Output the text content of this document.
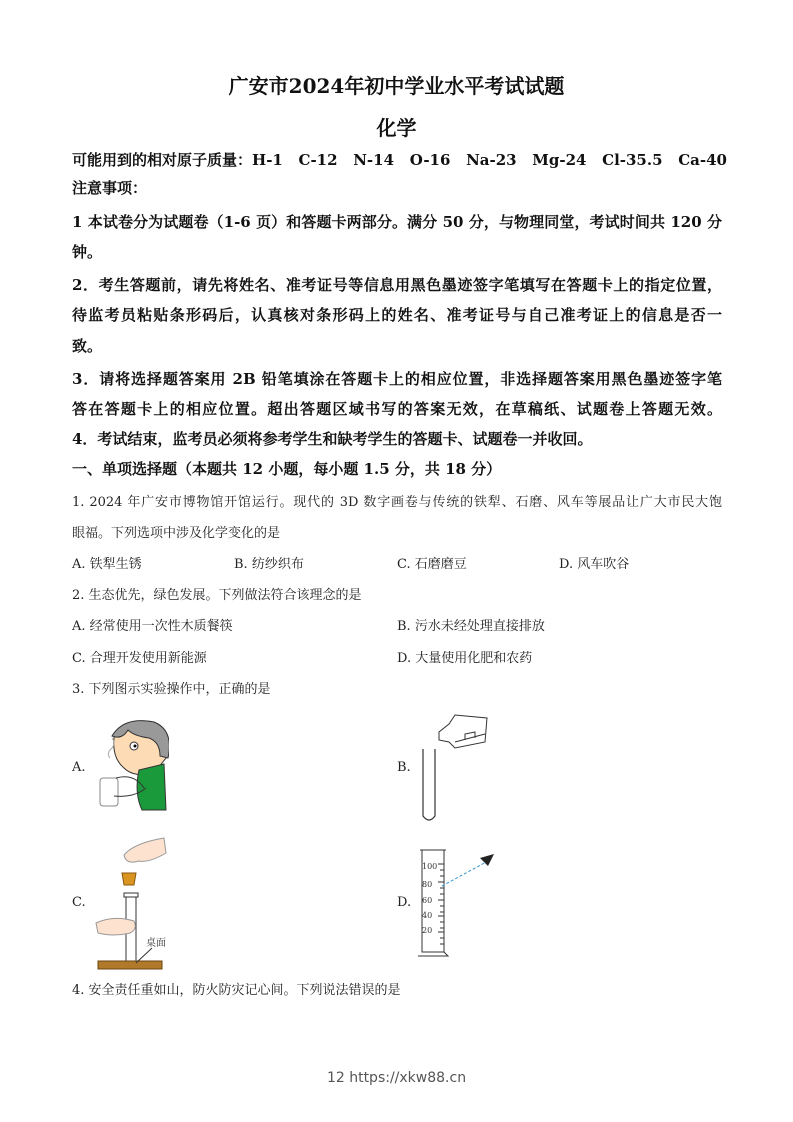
广安市2024年初中学业水平考试试题
化学
可能用到的相对原子质量：H-1   C-12   N-14   O-16   Na-23   Mg-24   Cl-35.5   Ca-40
注意事项：
1 本试卷分为试题卷（1-6 页）和答题卡两部分。满分 50 分，与物理同堂，考试时间共 120 分
钟。
2．考生答题前，请先将姓名、准考证号等信息用黑色墨迹签字笔填写在答题卡上的指定位置，
待监考员粘贴条形码后，认真核对条形码上的姓名、准考证号与自己准考证上的信息是否一
致。
3．请将选择题答案用 2B 铅笔填涂在答题卡上的相应位置，非选择题答案用黑色墨迹签字笔
答在答题卡上的相应位置。超出答题区域书写的答案无效，在草稿纸、试题卷上答题无效。
4．考试结束，监考员必须将参考学生和缺考学生的答题卡、试题卷一并收回。
一、单项选择题（本题共 12 小题，每小题 1.5 分，共 18 分）
1. 2024 年广安市博物馆开馆运行。现代的 3D 数字画卷与传统的铁犁、石磨、风车等展品让广大市民大饱
眼福。下列选项中涉及化学变化的是
A. 铁犁生锈	B. 纺纱织布	C. 石磨磨豆	D. 风车吹谷
2. 生态优先，绿色发展。下列做法符合该理念的是
A. 经常使用一次性木质餐筷	B. 污水未经处理直接排放
C. 合理开发使用新能源	D. 大量使用化肥和农药
3. 下列图示实验操作中，正确的是
A.	B.
C.
桌面
D.
100
80
60
40
20
4. 安全责任重如山，防火防灾记心间。下列说法错误的是
12 https://xkw88.cn
